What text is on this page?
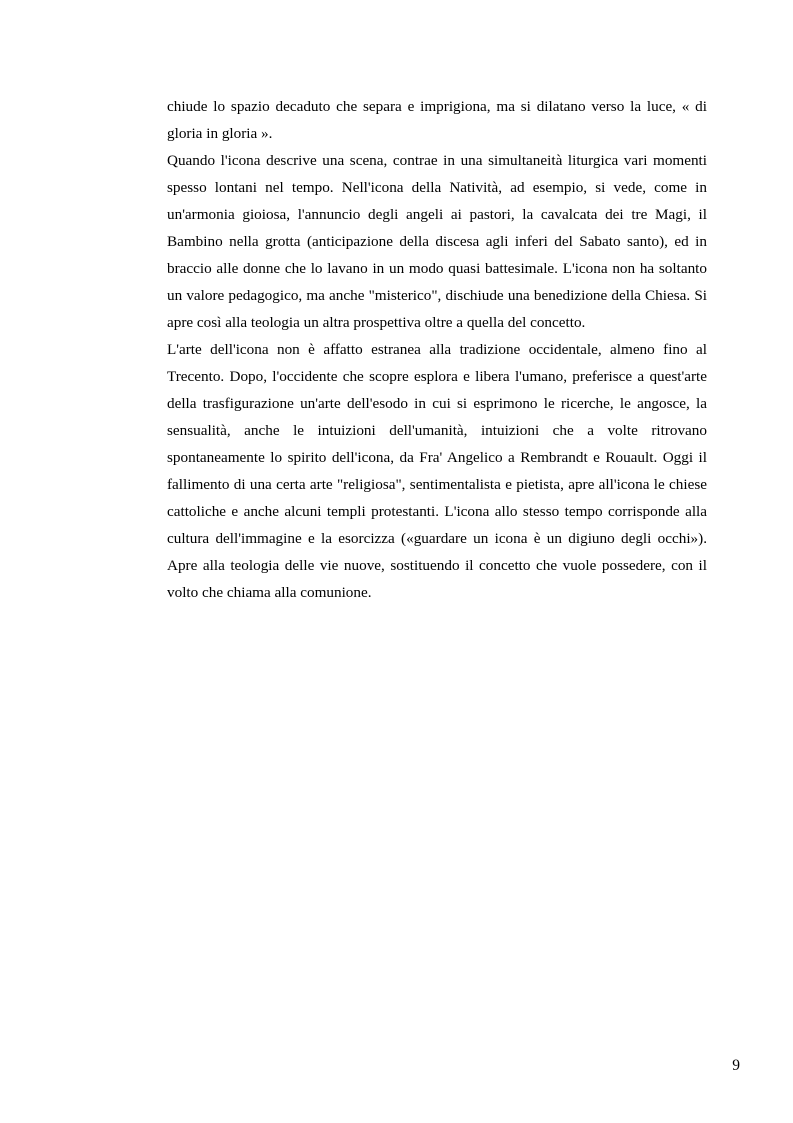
chiude lo spazio decaduto che separa e imprigiona, ma si dilatano verso la luce, « di gloria in gloria ».

Quando l'icona descrive una scena, contrae in una simultaneità liturgica vari momenti spesso lontani nel tempo. Nell'icona della Natività, ad esempio, si vede, come in un'armonia gioiosa, l'annuncio degli angeli ai pastori, la cavalcata dei tre Magi, il Bambino nella grotta (anticipazione della discesa agli inferi del Sabato santo), ed in braccio alle donne che lo lavano in un modo quasi battesimale. L'icona non ha soltanto un valore pedagogico, ma anche "misterico", dischiude una benedizione della Chiesa. Si apre così alla teologia un altra prospettiva oltre a quella del concetto.

L'arte dell'icona non è affatto estranea alla tradizione occidentale, almeno fino al Trecento. Dopo, l'occidente che scopre esplora e libera l'umano, preferisce a quest'arte della trasfigurazione un'arte dell'esodo in cui si esprimono le ricerche, le angosce, la sensualità, anche le intuizioni dell'umanità, intuizioni che a volte ritrovano spontaneamente lo spirito dell'icona, da Fra' Angelico a Rembrandt e Rouault. Oggi il fallimento di una certa arte "religiosa", sentimentalista e pietista, apre all'icona le chiese cattoliche e anche alcuni templi protestanti. L'icona allo stesso tempo corrisponde alla cultura dell'immagine e la esorcizza («guardare un icona è un digiuno degli occhi»). Apre alla teologia delle vie nuove, sostituendo il concetto che vuole possedere, con il volto che chiama alla comunione.

9
